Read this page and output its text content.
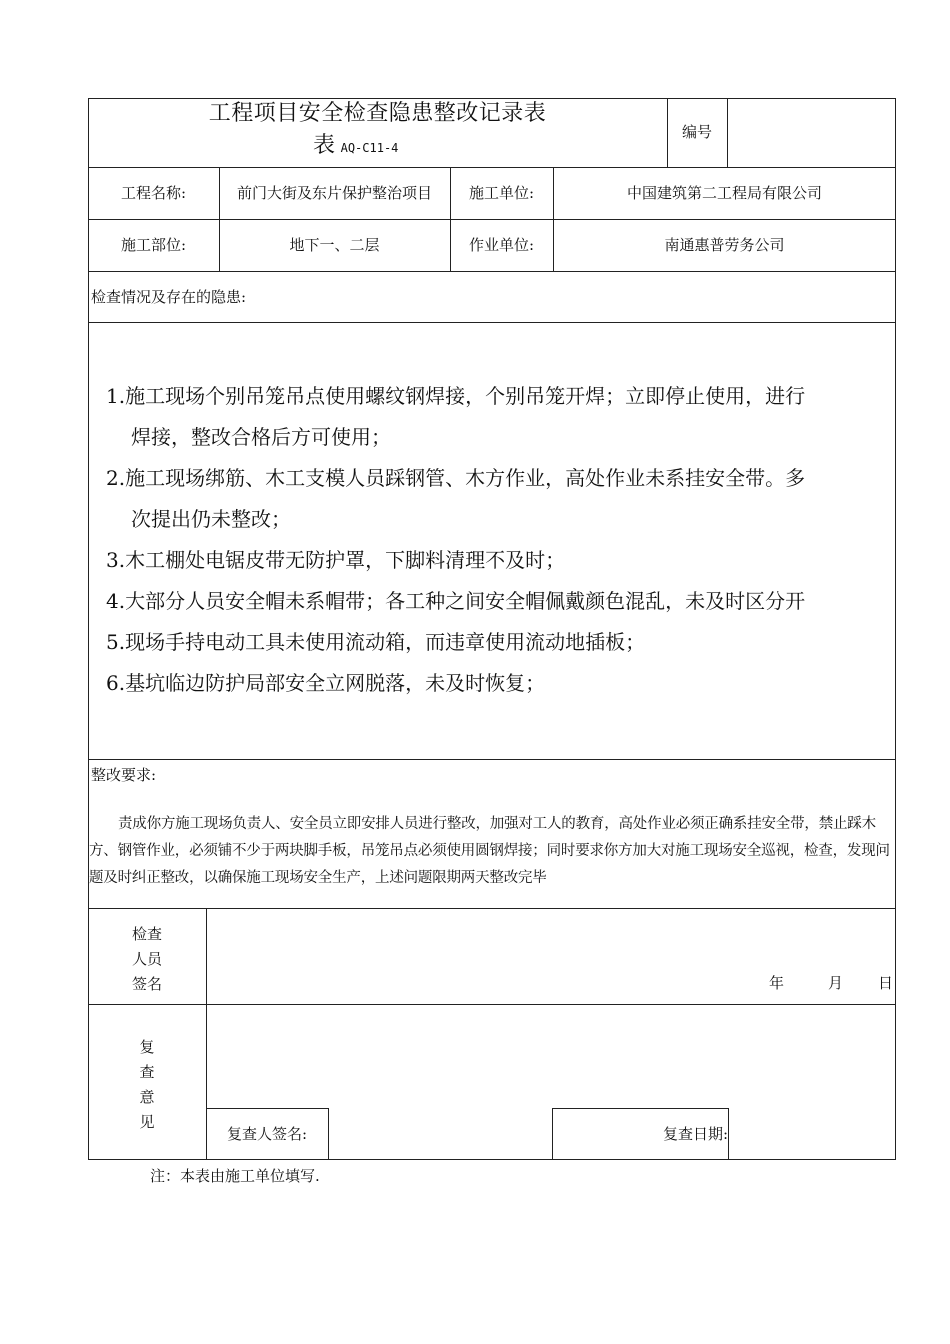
工程项目安全检查隐患整改记录表
表 AQ-C11-4
编号
工程名称:	前门大街及东片保护整治项目	施工单位:	中国建筑第二工程局有限公司
施工部位:	地下一、二层	作业单位:	南通惠普劳务公司
检查情况及存在的隐患:
1.施工现场个别吊笼吊点使用螺纹钢焊接，个别吊笼开焊；立即停止使用，进行
焊接，整改合格后方可使用；
2.施工现场绑筋、木工支模人员踩钢管、木方作业，高处作业未系挂安全带。多
次提出仍未整改；
3.木工棚处电锯皮带无防护罩，下脚料清理不及时；
4.大部分人员安全帽未系帽带；各工种之间安全帽佩戴颜色混乱，未及时区分开
5.现场手持电动工具未使用流动箱，而违章使用流动地插板；
6.基坑临边防护局部安全立网脱落，未及时恢复；
整改要求:
责成你方施工现场负责人、安全员立即安排人员进行整改，加强对工人的教育，高处作业必须正确系挂安全带，禁止踩木方、钢管作业，必须铺不少于两块脚手板，吊笼吊点必须使用圆钢焊接；同时要求你方加大对施工现场安全巡视，检查，发现问题及时纠正整改，以确保施工现场安全生产，上述问题限期两天整改完毕
检查
人员
签名	年	月 日
复
查
意
见
复查人签名:	复查日期:
注：本表由施工单位填写.
